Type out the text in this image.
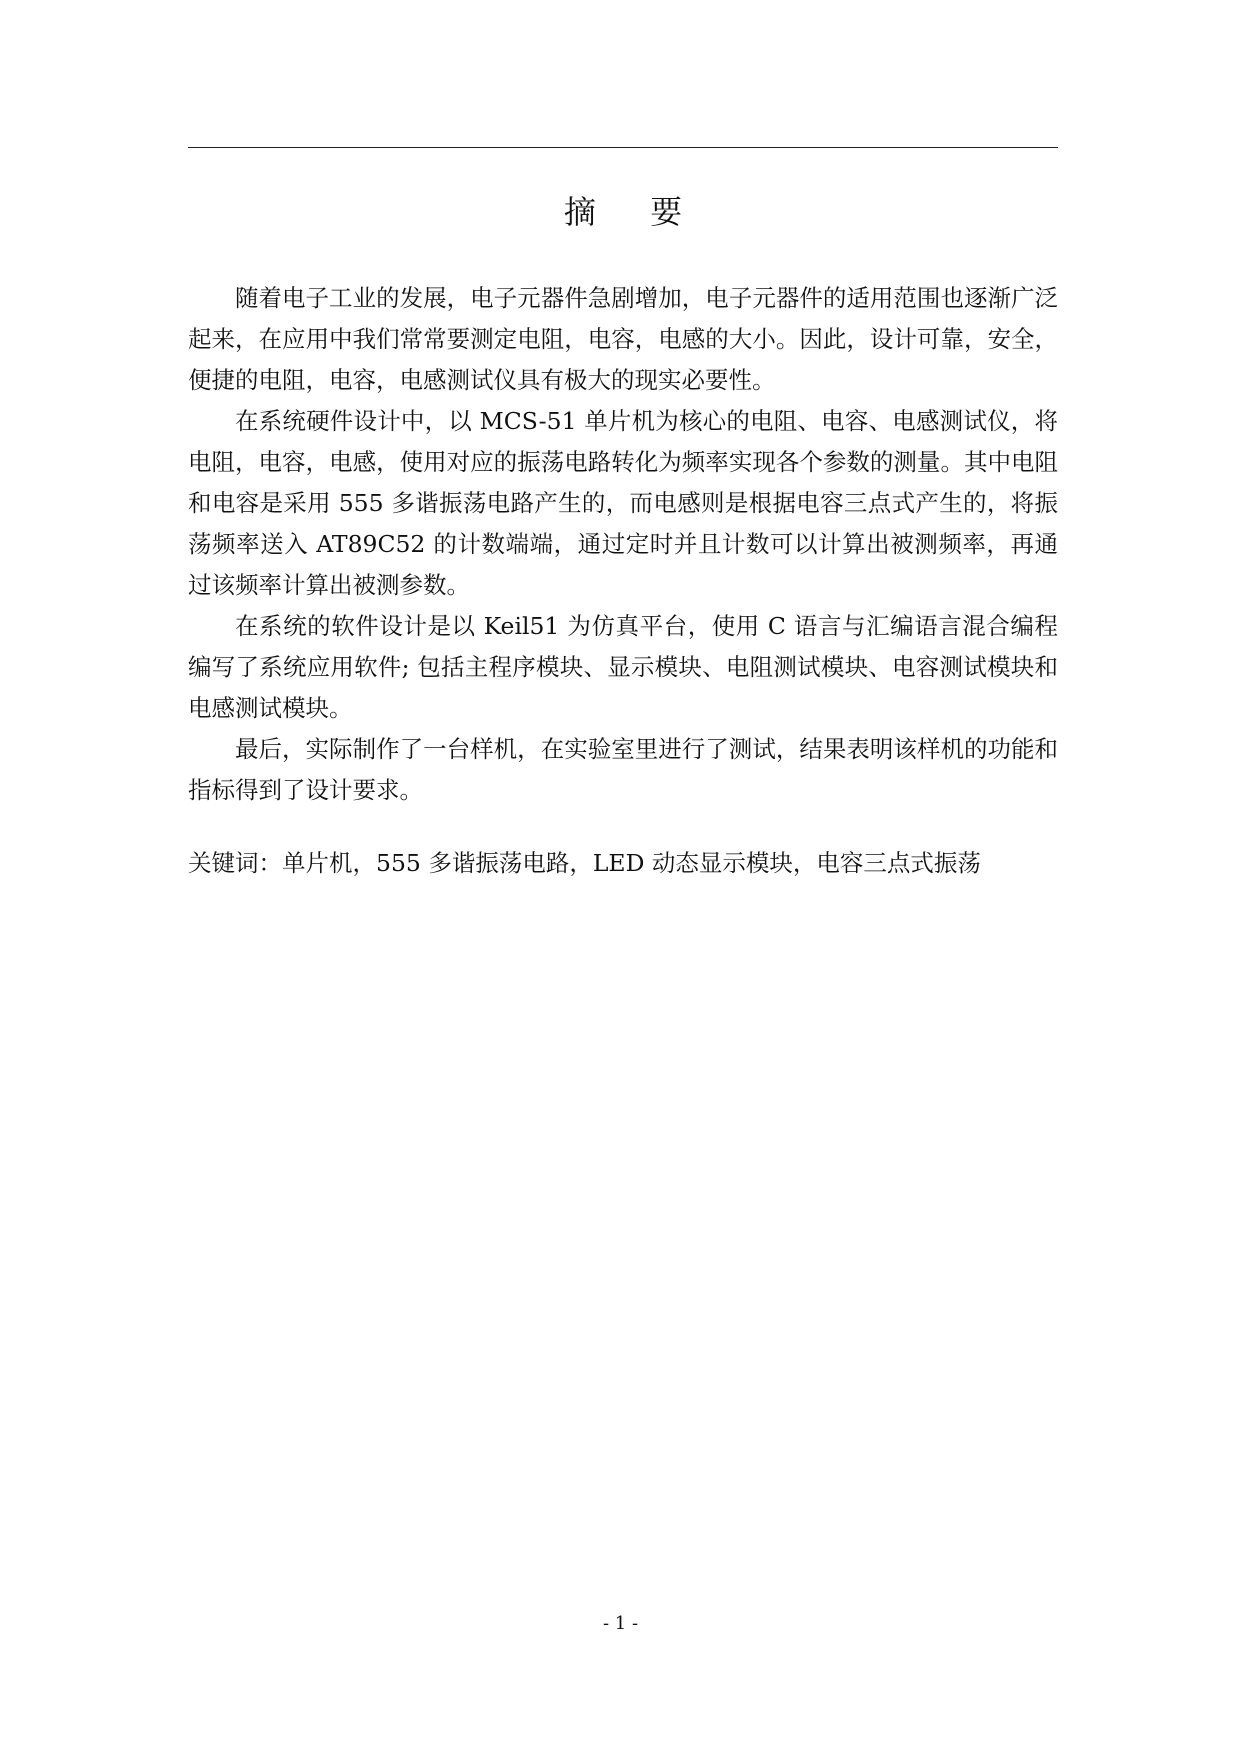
摘 要

随着电子工业的发展，电子元器件急剧增加，电子元器件的适用范围也逐渐广泛起来，在应用中我们常常要测定电阻，电容，电感的大小。因此，设计可靠，安全，便捷的电阻，电容，电感测试仪具有极大的现实必要性。

在系统硬件设计中，以 MCS-51 单片机为核心的电阻、电容、电感测试仪，将电阻，电容，电感，使用对应的振荡电路转化为频率实现各个参数的测量。其中电阻和电容是采用 555 多谐振荡电路产生的，而电感则是根据电容三点式产生的，将振荡频率送入 AT89C52 的计数端端，通过定时并且计数可以计算出被测频率，再通过该频率计算出被测参数。

在系统的软件设计是以 Keil51 为仿真平台，使用 C 语言与汇编语言混合编程编写了系统应用软件; 包括主程序模块、显示模块、电阻测试模块、电容测试模块和电感测试模块。

最后，实际制作了一台样机，在实验室里进行了测试，结果表明该样机的功能和指标得到了设计要求。

关键词：单片机，555 多谐振荡电路，LED 动态显示模块，电容三点式振荡
- 1 -
